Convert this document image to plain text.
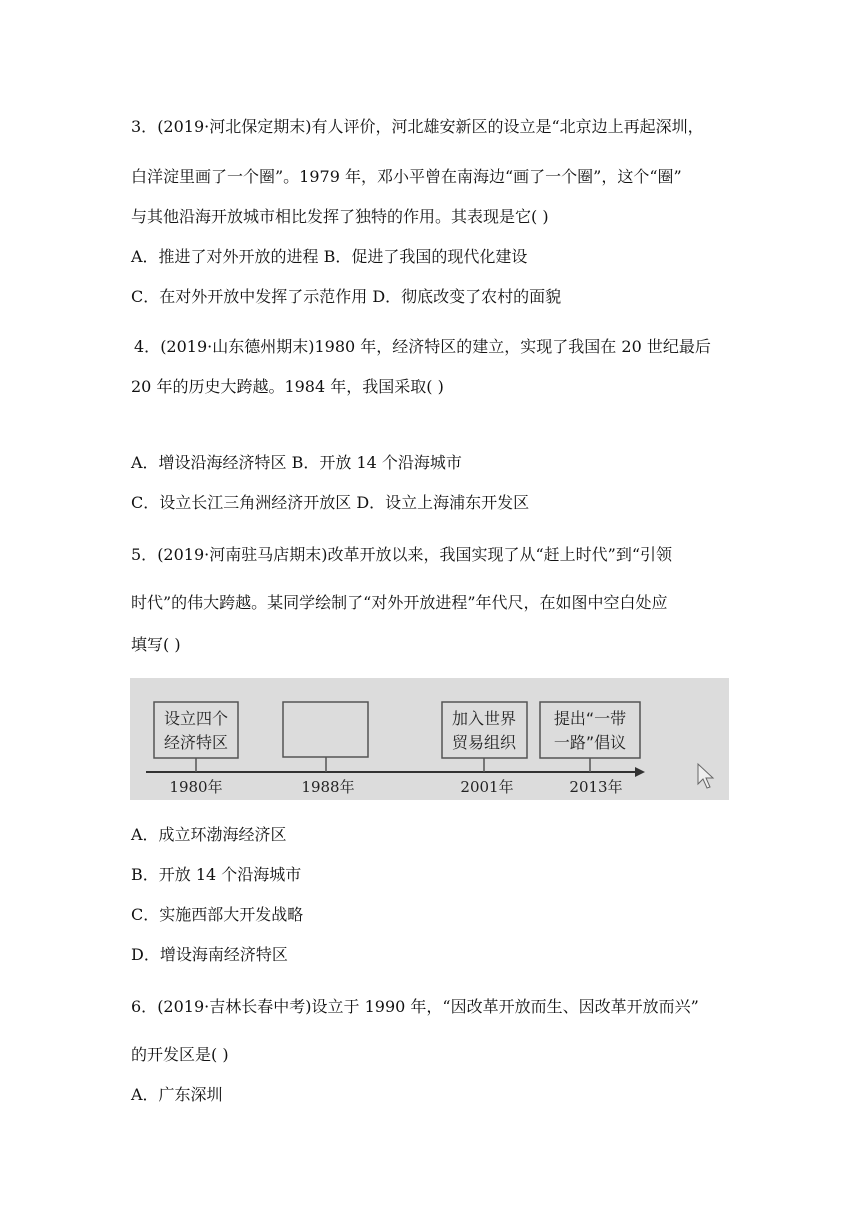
3．(2019·河北保定期末)有人评价，河北雄安新区的设立是“北京边上再起深圳，
白洋淀里画了一个圈”。1979 年，邓小平曾在南海边“画了一个圈”，这个“圈”
与其他沿海开放城市相比发挥了独特的作用。其表现是它( )
A．推进了对外开放的进程 B．促进了我国的现代化建设
C．在对外开放中发挥了示范作用 D．彻底改变了农村的面貌
4．(2019·山东德州期末)1980 年，经济特区的建立，实现了我国在 20 世纪最后
20 年的历史大跨越。1984 年，我国采取( )
A．增设沿海经济特区 B．开放 14 个沿海城市
C．设立长江三角洲经济开放区 D．设立上海浦东开发区
5．(2019·河南驻马店期末)改革开放以来，我国实现了从“赶上时代”到“引领
时代”的伟大跨越。某同学绘制了“对外开放进程”年代尺，在如图中空白处应
填写( )
设立四个
经济特区
1980年	1988年
加入世界
贸易组织
2001年
提出“一带
一路”倡议
2013年
A．成立环渤海经济区
B．开放 14 个沿海城市
C．实施西部大开发战略
D．增设海南经济特区
6．(2019·吉林长春中考)设立于 1990 年，“因改革开放而生、因改革开放而兴”
的开发区是( )
A．广东深圳
